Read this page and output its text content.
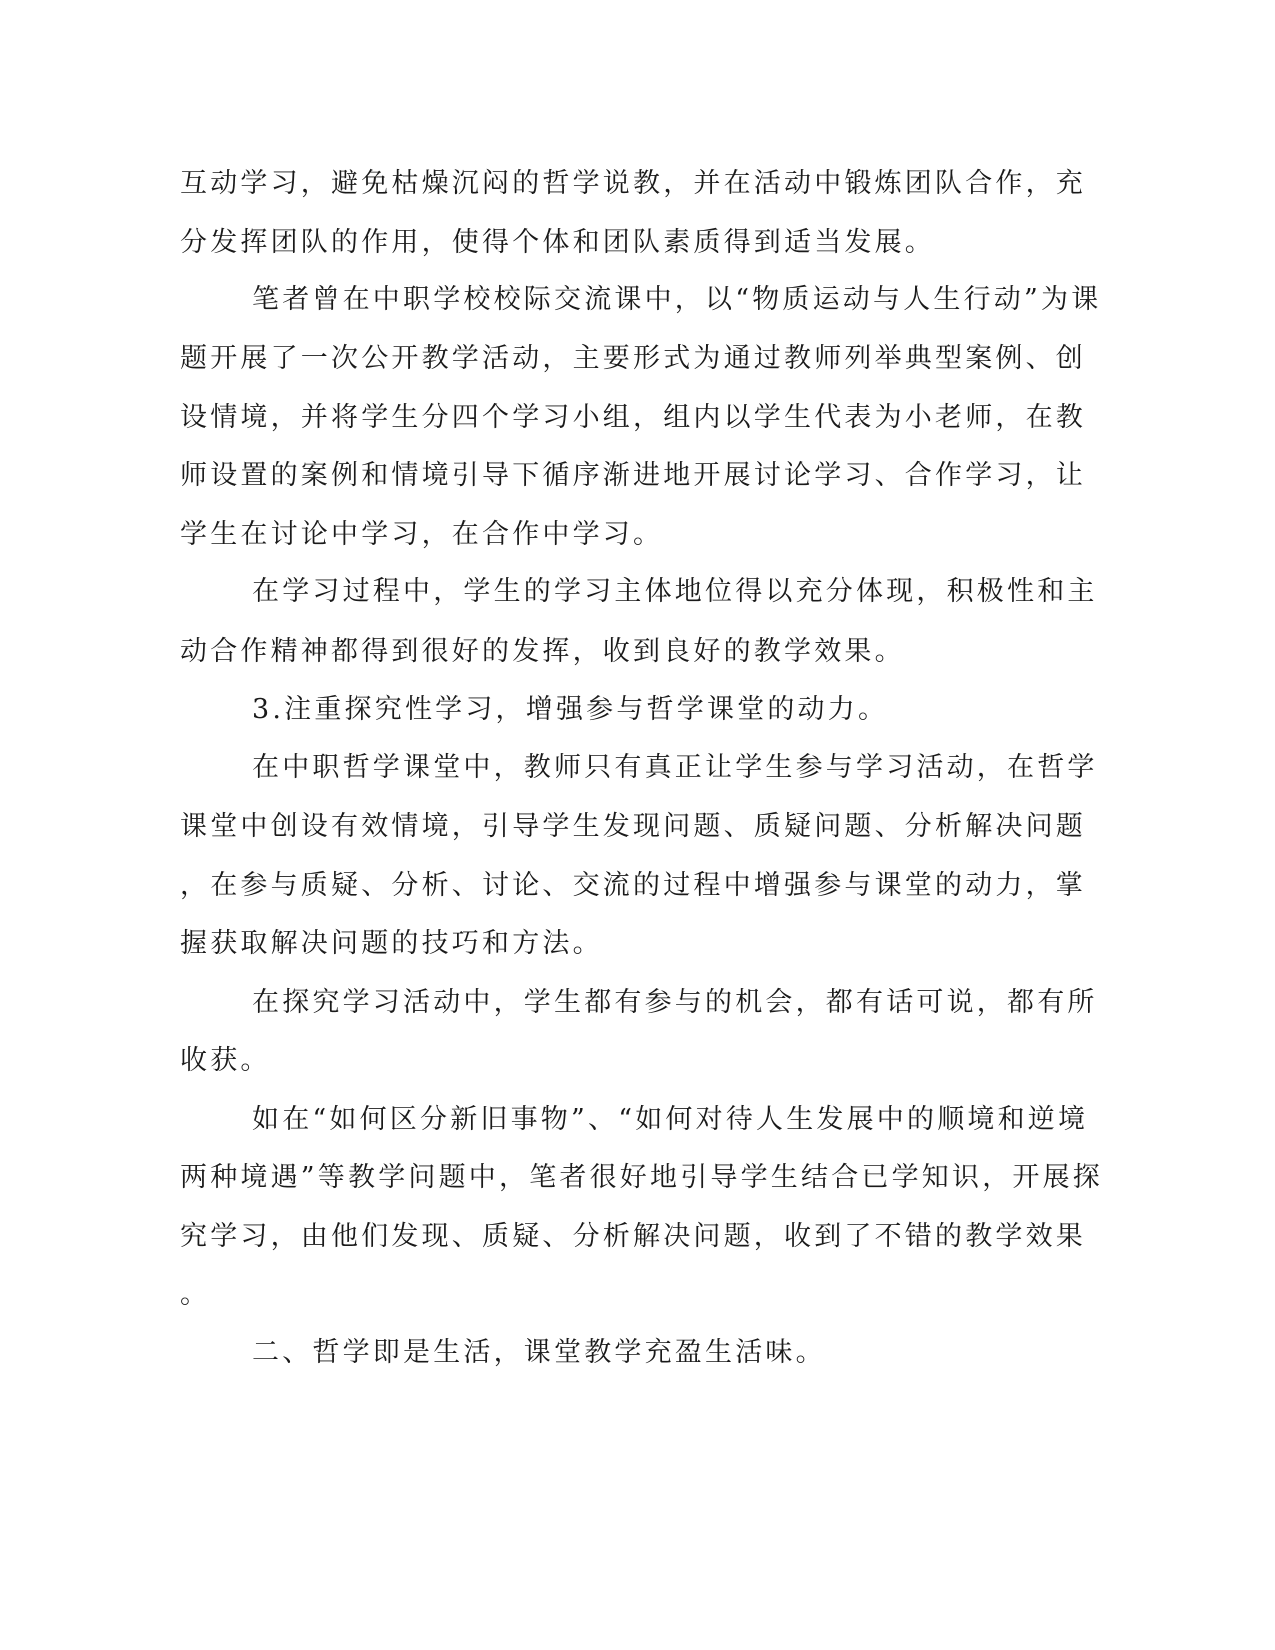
互动学习，避免枯燥沉闷的哲学说教，并在活动中锻炼团队合作，充
分发挥团队的作用，使得个体和团队素质得到适当发展。
笔者曾在中职学校校际交流课中，以“物质运动与人生行动”为课
题开展了一次公开教学活动，主要形式为通过教师列举典型案例、创
设情境，并将学生分四个学习小组，组内以学生代表为小老师，在教
师设置的案例和情境引导下循序渐进地开展讨论学习、合作学习，让
学生在讨论中学习，在合作中学习。
在学习过程中，学生的学习主体地位得以充分体现，积极性和主
动合作精神都得到很好的发挥，收到良好的教学效果。
3.注重探究性学习，增强参与哲学课堂的动力。
在中职哲学课堂中，教师只有真正让学生参与学习活动，在哲学
课堂中创设有效情境，引导学生发现问题、质疑问题、分析解决问题
，在参与质疑、分析、讨论、交流的过程中增强参与课堂的动力，掌
握获取解决问题的技巧和方法。
在探究学习活动中，学生都有参与的机会，都有话可说，都有所
收获。
如在“如何区分新旧事物”、“如何对待人生发展中的顺境和逆境
两种境遇”等教学问题中，笔者很好地引导学生结合已学知识，开展探
究学习，由他们发现、质疑、分析解决问题，收到了不错的教学效果
。
二、哲学即是生活，课堂教学充盈生活味。
